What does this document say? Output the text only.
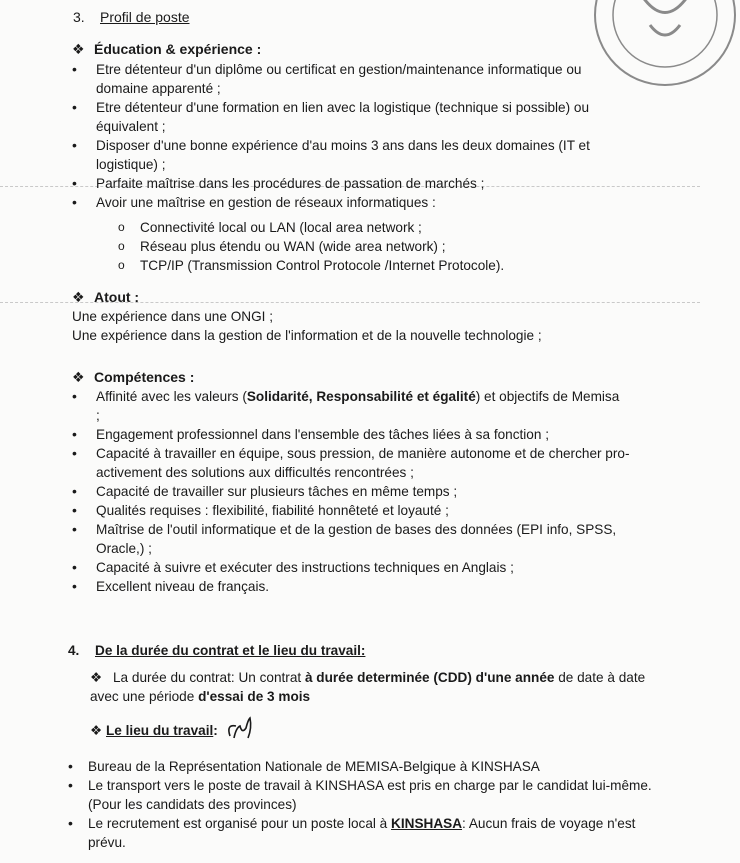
3. Profil de poste
❖ Éducation & expérience :
• Etre détenteur d'un diplôme ou certificat en gestion/maintenance informatique ou domaine apparenté ;
• Etre détenteur d'une formation en lien avec la logistique (technique si possible) ou équivalent ;
• Disposer d'une bonne expérience d'au moins 3 ans dans les deux domaines (IT et logistique) ;
• Parfaite maîtrise dans les procédures de passation de marchés ;
• Avoir une maîtrise en gestion de réseaux informatiques :
o Connectivité local ou LAN (local area network ;
o Réseau plus étendu ou WAN (wide area network) ;
o TCP/IP (Transmission Control Protocole /Internet Protocole).
❖ Atout :
Une expérience dans une ONGI ;
Une expérience dans la gestion de l'information et de la nouvelle technologie ;
❖ Compétences :
• Affinité avec les valeurs (Solidarité, Responsabilité et égalité) et objectifs de Memisa ;
• Engagement professionnel dans l'ensemble des tâches liées à sa fonction ;
• Capacité à travailler en équipe, sous pression, de manière autonome et de chercher pro-activement des solutions aux difficultés rencontrées ;
• Capacité de travailler sur plusieurs tâches en même temps ;
• Qualités requises : flexibilité, fiabilité honnêteté et loyauté ;
• Maîtrise de l'outil informatique et de la gestion de bases des données (EPI info, SPSS, Oracle,) ;
• Capacité à suivre et exécuter des instructions techniques en Anglais ;
• Excellent niveau de français.
4. De la durée du contrat et le lieu du travail:
❖ La durée du contrat: Un contrat à durée determinée (CDD) d'une année de date à date avec une période d'essai de 3 mois
❖ Le lieu du travail:
• Bureau de la Représentation Nationale de MEMISA-Belgique à KINSHASA
• Le transport vers le poste de travail à KINSHASA est pris en charge par le candidat lui-même. (Pour les candidats des provinces)
• Le recrutement est organisé pour un poste local à KINSHASA: Aucun frais de voyage n'est prévu.
